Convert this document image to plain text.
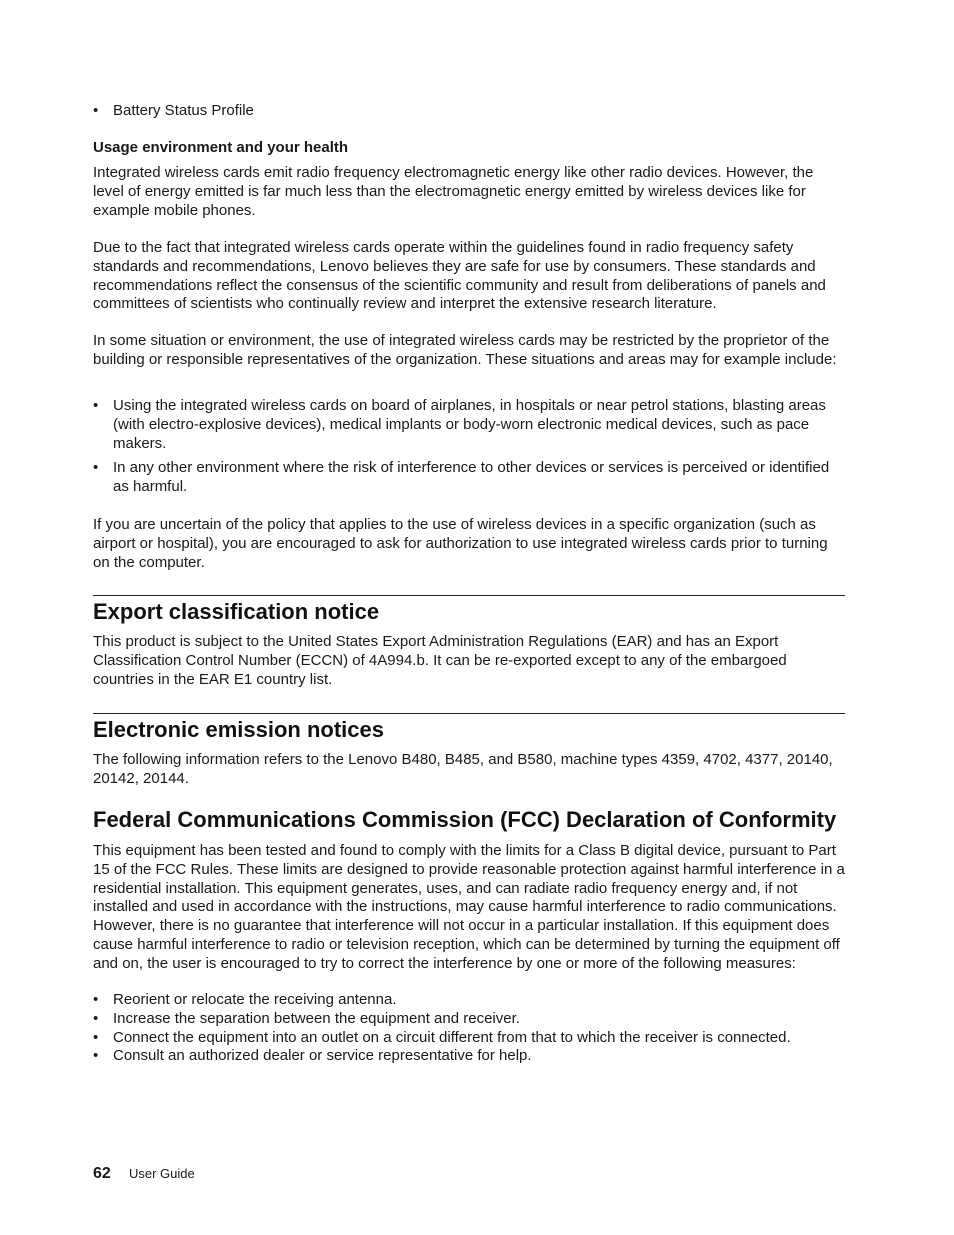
• Battery Status Profile

Usage environment and your health

Integrated wireless cards emit radio frequency electromagnetic energy like other radio devices. However, the level of energy emitted is far much less than the electromagnetic energy emitted by wireless devices like for example mobile phones.

Due to the fact that integrated wireless cards operate within the guidelines found in radio frequency safety standards and recommendations, Lenovo believes they are safe for use by consumers. These standards and recommendations reflect the consensus of the scientific community and result from deliberations of panels and committees of scientists who continually review and interpret the extensive research literature.

In some situation or environment, the use of integrated wireless cards may be restricted by the proprietor of the building or responsible representatives of the organization. These situations and areas may for example include:

• Using the integrated wireless cards on board of airplanes, in hospitals or near petrol stations, blasting areas (with electro-explosive devices), medical implants or body-worn electronic medical devices, such as pace makers.
• In any other environment where the risk of interference to other devices or services is perceived or identified as harmful.

If you are uncertain of the policy that applies to the use of wireless devices in a specific organization (such as airport or hospital), you are encouraged to ask for authorization to use integrated wireless cards prior to turning on the computer.

Export classification notice

This product is subject to the United States Export Administration Regulations (EAR) and has an Export Classification Control Number (ECCN) of 4A994.b. It can be re-exported except to any of the embargoed countries in the EAR E1 country list.

Electronic emission notices

The following information refers to the Lenovo B480, B485, and B580, machine types 4359, 4702, 4377, 20140, 20142, 20144.

Federal Communications Commission (FCC) Declaration of Conformity

This equipment has been tested and found to comply with the limits for a Class B digital device, pursuant to Part 15 of the FCC Rules. These limits are designed to provide reasonable protection against harmful interference in a residential installation. This equipment generates, uses, and can radiate radio frequency energy and, if not installed and used in accordance with the instructions, may cause harmful interference to radio communications. However, there is no guarantee that interference will not occur in a particular installation. If this equipment does cause harmful interference to radio or television reception, which can be determined by turning the equipment off and on, the user is encouraged to try to correct the interference by one or more of the following measures:

• Reorient or relocate the receiving antenna.
• Increase the separation between the equipment and receiver.
• Connect the equipment into an outlet on a circuit different from that to which the receiver is connected.
• Consult an authorized dealer or service representative for help.
62	User Guide
